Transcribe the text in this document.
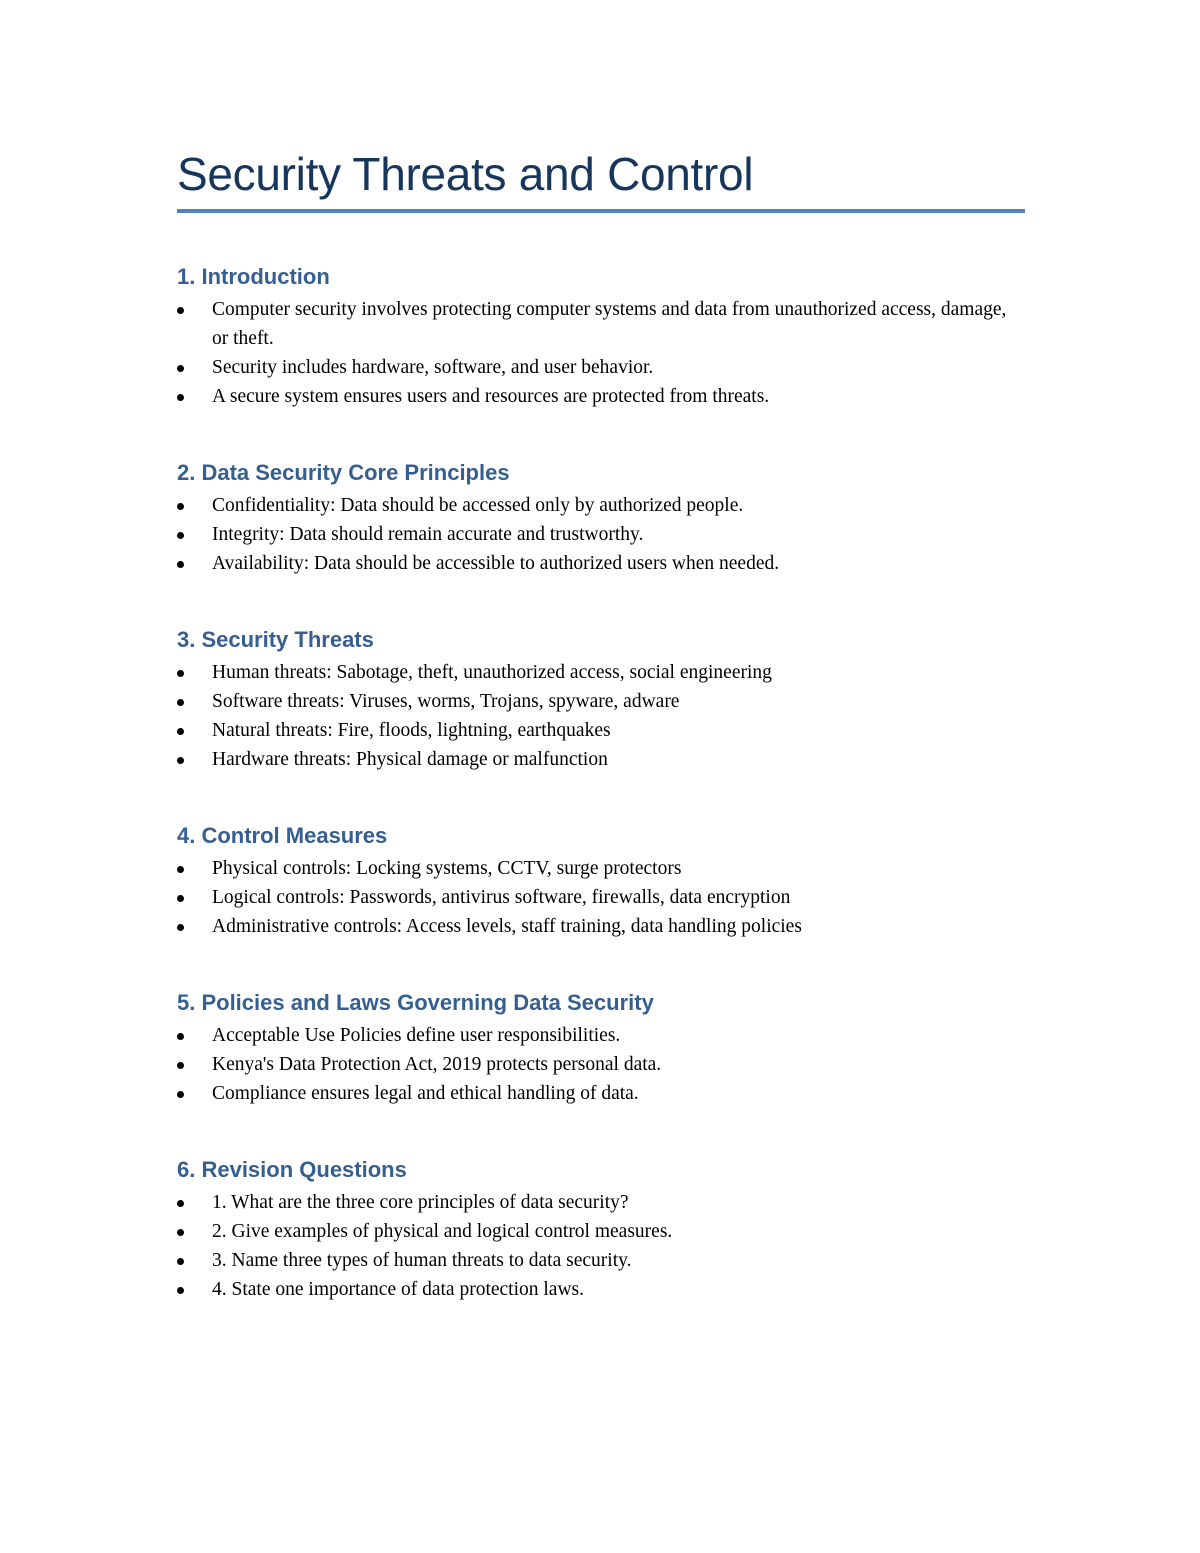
Security Threats and Control
1. Introduction
Computer security involves protecting computer systems and data from unauthorized access, damage, or theft.
Security includes hardware, software, and user behavior.
A secure system ensures users and resources are protected from threats.
2. Data Security Core Principles
Confidentiality: Data should be accessed only by authorized people.
Integrity: Data should remain accurate and trustworthy.
Availability: Data should be accessible to authorized users when needed.
3. Security Threats
Human threats: Sabotage, theft, unauthorized access, social engineering
Software threats: Viruses, worms, Trojans, spyware, adware
Natural threats: Fire, floods, lightning, earthquakes
Hardware threats: Physical damage or malfunction
4. Control Measures
Physical controls: Locking systems, CCTV, surge protectors
Logical controls: Passwords, antivirus software, firewalls, data encryption
Administrative controls: Access levels, staff training, data handling policies
5. Policies and Laws Governing Data Security
Acceptable Use Policies define user responsibilities.
Kenya's Data Protection Act, 2019 protects personal data.
Compliance ensures legal and ethical handling of data.
6. Revision Questions
1. What are the three core principles of data security?
2. Give examples of physical and logical control measures.
3. Name three types of human threats to data security.
4. State one importance of data protection laws.
